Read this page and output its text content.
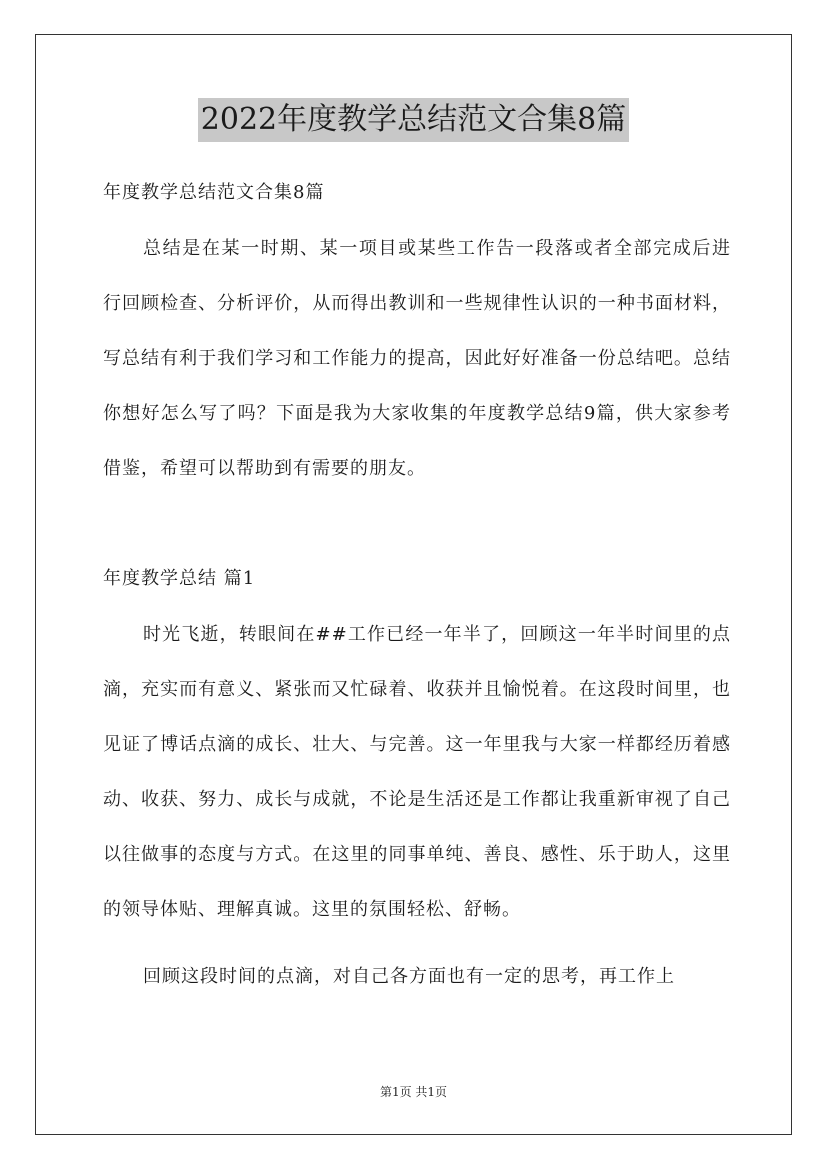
2022年度教学总结范文合集8篇

年度教学总结范文合集8篇

总结是在某一时期、某一项目或某些工作告一段落或者全部完成后进行回顾检查、分析评价，从而得出教训和一些规律性认识的一种书面材料，写总结有利于我们学习和工作能力的提高，因此好好准备一份总结吧。总结你想好怎么写了吗？下面是我为大家收集的年度教学总结9篇，供大家参考借鉴，希望可以帮助到有需要的朋友。

年度教学总结 篇1

时光飞逝，转眼间在##工作已经一年半了，回顾这一年半时间里的点滴，充实而有意义、紧张而又忙碌着、收获并且愉悦着。在这段时间里，也见证了博话点滴的成长、壮大、与完善。这一年里我与大家一样都经历着感动、收获、努力、成长与成就，不论是生活还是工作都让我重新审视了自己以往做事的态度与方式。在这里的同事单纯、善良、感性、乐于助人，这里的领导体贴、理解真诚。这里的氛围轻松、舒畅。

回顾这段时间的点滴，对自己各方面也有一定的思考，再工作上

第1页 共1页
